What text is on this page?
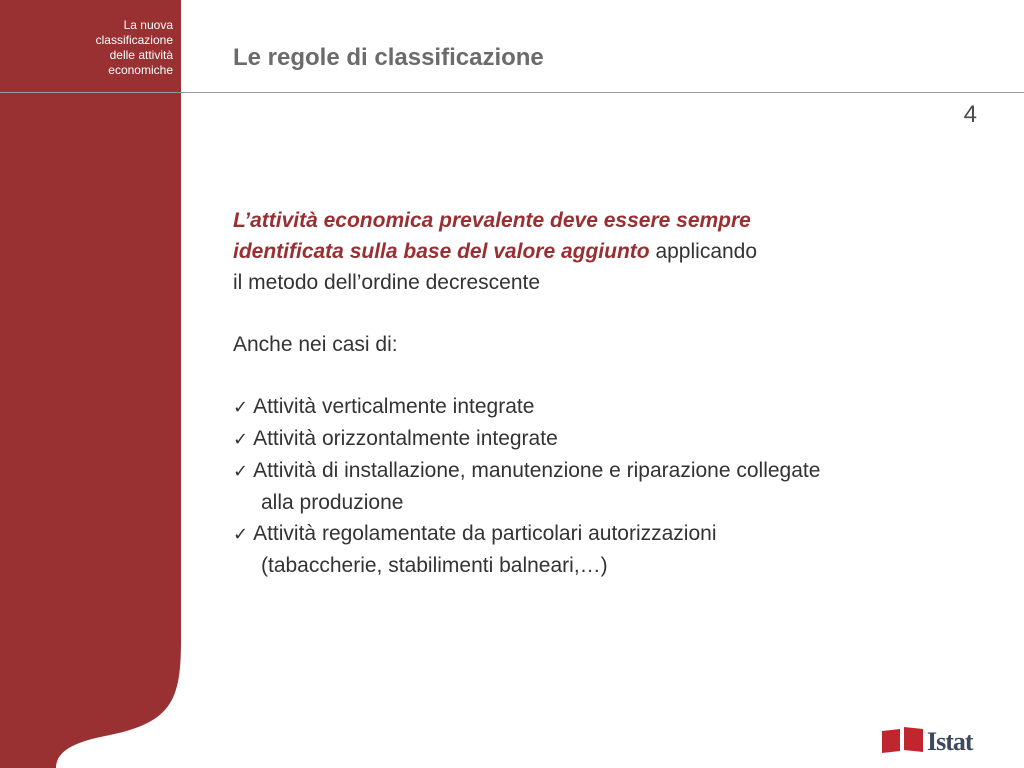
La nuova
classificazione
delle attività
economiche	Le regole di classificazione
4

L’attività economica prevalente deve essere sempre
identificata sulla base del valore aggiunto applicando
il metodo dell’ordine decrescente

Anche nei casi di:

✓ Attività verticalmente integrate

✓ Attività orizzontalmente integrate

✓ Attività di installazione, manutenzione e riparazione collegate
alla produzione

✓ Attività regolamentate da particolari autorizzazioni
(tabaccherie, stabilimenti balneari,…)

Istat
